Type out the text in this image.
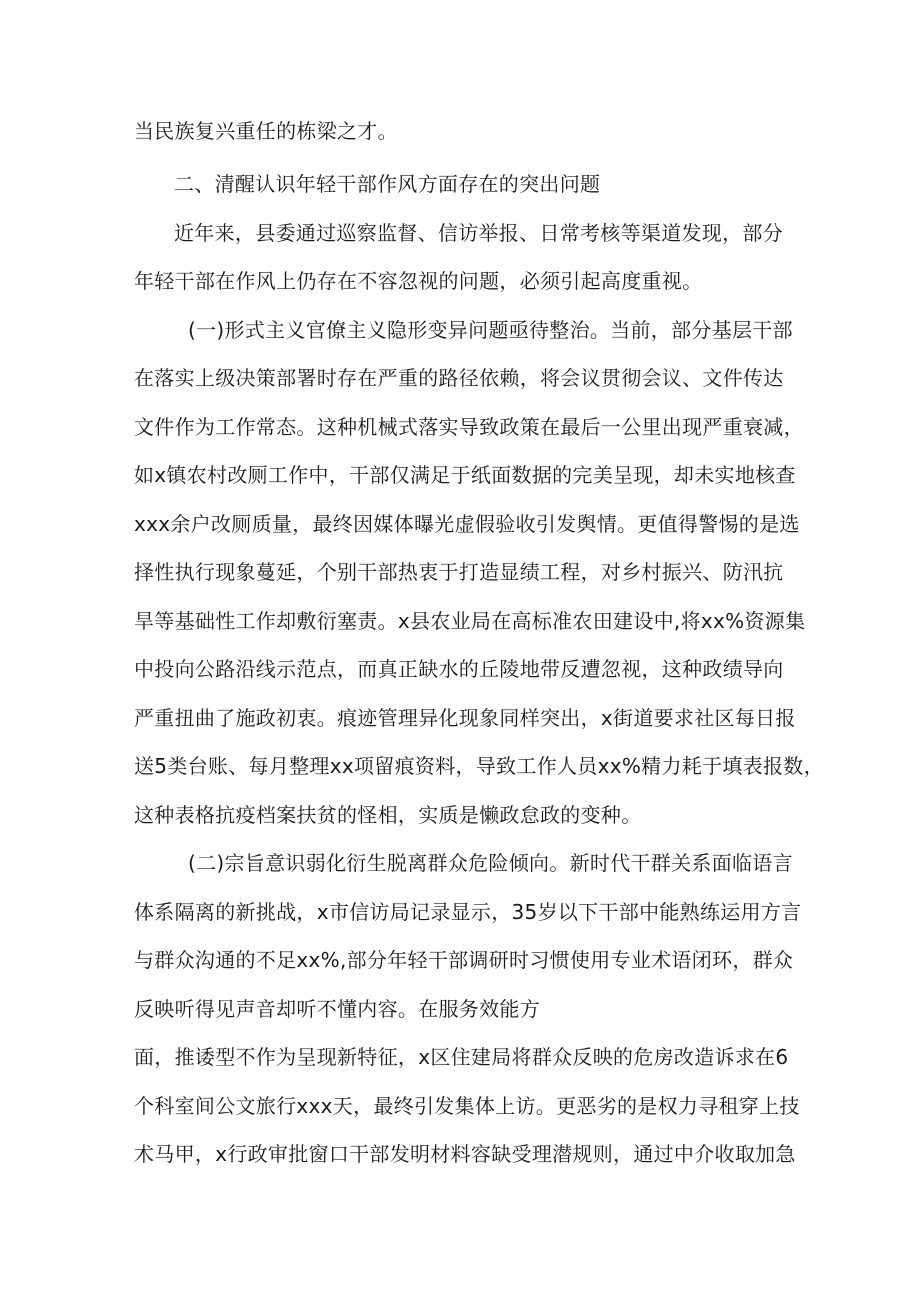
当民族复兴重任的栋梁之才。
二、清醒认识年轻干部作风方面存在的突出问题
近年来，县委通过巡察监督、信访举报、日常考核等渠道发现，部分
年轻干部在作风上仍存在不容忽视的问题，必须引起高度重视。
(一)形式主义官僚主义隐形变异问题亟待整治。当前，部分基层干部
在落实上级决策部署时存在严重的路径依赖，将会议贯彻会议、文件传达
文件作为工作常态。这种机械式落实导致政策在最后一公里出现严重衰减，
如x镇农村改厕工作中，干部仅满足于纸面数据的完美呈现，却未实地核查
xxx余户改厕质量，最终因媒体曝光虚假验收引发舆情。更值得警惕的是选
择性执行现象蔓延，个别干部热衷于打造显绩工程，对乡村振兴、防汛抗
旱等基础性工作却敷衍塞责。x县农业局在高标准农田建设中,将xx%资源集
中投向公路沿线示范点，而真正缺水的丘陵地带反遭忽视，这种政绩导向
严重扭曲了施政初衷。痕迹管理异化现象同样突出，x街道要求社区每日报
送5类台账、每月整理xx项留痕资料，导致工作人员xx%精力耗于填表报数，
这种表格抗疫档案扶贫的怪相，实质是懒政怠政的变种。
(二)宗旨意识弱化衍生脱离群众危险倾向。新时代干群关系面临语言
体系隔离的新挑战，x市信访局记录显示，35岁以下干部中能熟练运用方言
与群众沟通的不足xx%,部分年轻干部调研时习惯使用专业术语闭环，群众
反映听得见声音却听不懂内容。在服务效能方
面，推诿型不作为呈现新特征，x区住建局将群众反映的危房改造诉求在6
个科室间公文旅行xxx天，最终引发集体上访。更恶劣的是权力寻租穿上技
术马甲，x行政审批窗口干部发明材料容缺受理潜规则，通过中介收取加急
